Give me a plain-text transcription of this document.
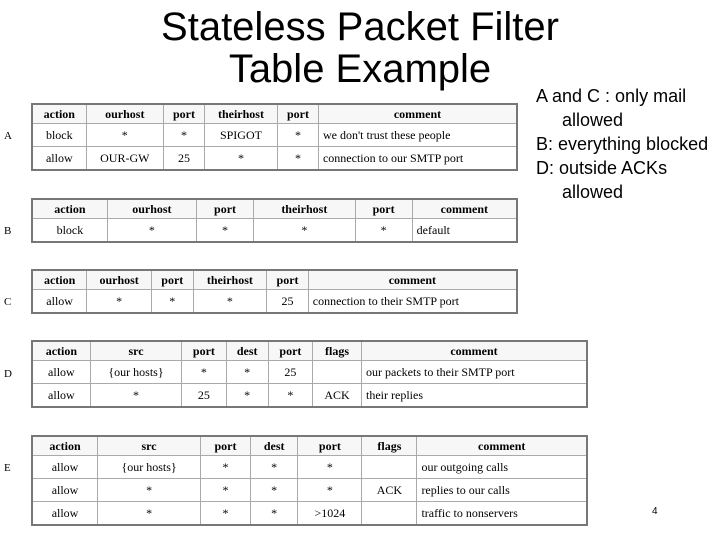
Stateless Packet Filter
Table Example

A and C : only mail allowed

B: everything blocked

D: outside ACKs allowed

A
action	ourhost	port	theirhost	port	comment
block	*	*	SPIGOT	*	we don't trust these people
allow	OUR-GW	25	*	*	connection to our SMTP port
B
action	ourhost	port	theirhost	port	comment
block	*	*	*	*	default
C
action	ourhost	port	theirhost	port	comment
allow	*	*	*	25	connection to their SMTP port
D
action	src	port	dest	port	flags	comment
allow	{our hosts}	*	*	25		our packets to their SMTP port
allow	*	25	*	*	ACK	their replies
E
action	src	port	dest	port	flags	comment
allow	{our hosts}	*	*	*		our outgoing calls
allow	*	*	*	*	ACK	replies to our calls
allow	*	*	*	>1024		traffic to nonservers	4
